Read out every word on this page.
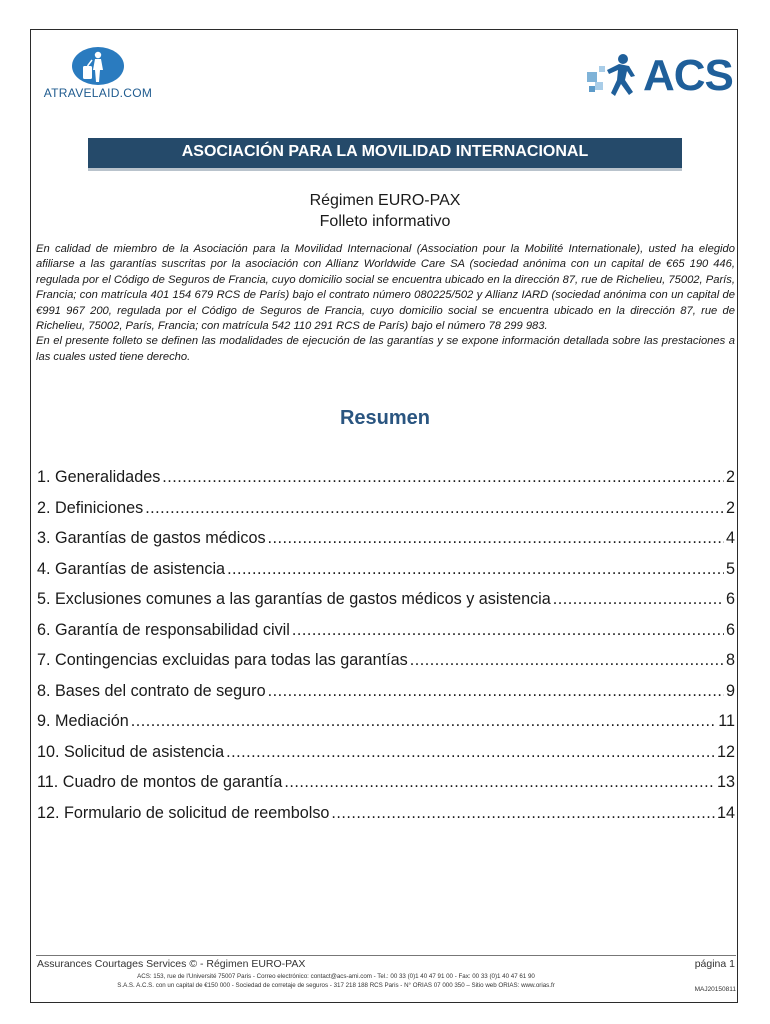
ATRAVELAID.COM	ACS
ASOCIACIÓN PARA LA MOVILIDAD INTERNACIONAL
Régimen EURO-PAX
Folleto informativo

En calidad de miembro de la Asociación para la Movilidad Internacional (Association pour la Mobilité Internationale), usted ha elegido afiliarse a las garantías suscritas por la asociación con Allianz Worldwide Care SA (sociedad anónima con un capital de €65 190 446, regulada por el Código de Seguros de Francia, cuyo domicilio social se encuentra ubicado en la dirección 87, rue de Richelieu, 75002, París, Francia; con matrícula 401 154 679 RCS de París) bajo el contrato número 080225/502 y Allianz IARD (sociedad anónima con un capital de €991 967 200, regulada por el Código de Seguros de Francia, cuyo domicilio social se encuentra ubicado en la dirección 87, rue de Richelieu, 75002, París, Francia; con matrícula 542 110 291 RCS de París) bajo el número 78 299 983.

En el presente folleto se definen las modalidades de ejecución de las garantías y se expone información detallada sobre las prestaciones a las cuales usted tiene derecho.

Resumen
1. Generalidades .....	2
2. Definiciones .....	2
3. Garantías de gastos médicos .....	4
4. Garantías de asistencia .....	5
5. Exclusiones comunes a las garantías de gastos médicos y asistencia .....	6
6. Garantía de responsabilidad civil .....	6
7. Contingencias excluidas para todas las garantías .....	8
8. Bases del contrato de seguro .....	9
9. Mediación .....	11
10. Solicitud de asistencia .....	12
11. Cuadro de montos de garantía .....	13
12. Formulario de solicitud de reembolso .....	14
Assurances Courtages Services © - Régimen EURO-PAX	página 1
ACS: 153, rue de l'Université 75007 Paris - Correo electrónico: contact@acs-ami.com - Tel.: 00 33 (0)1 40 47 91 00 - Fax: 00 33 (0)1 40 47 61 90
S.A.S. A.C.S. con un capital de €150 000 - Sociedad de corretaje de seguros - 317 218 188 RCS Paris - N° ORIAS 07 000 350 – Sitio web ORIAS: www.orias.fr
MAJ20150811
